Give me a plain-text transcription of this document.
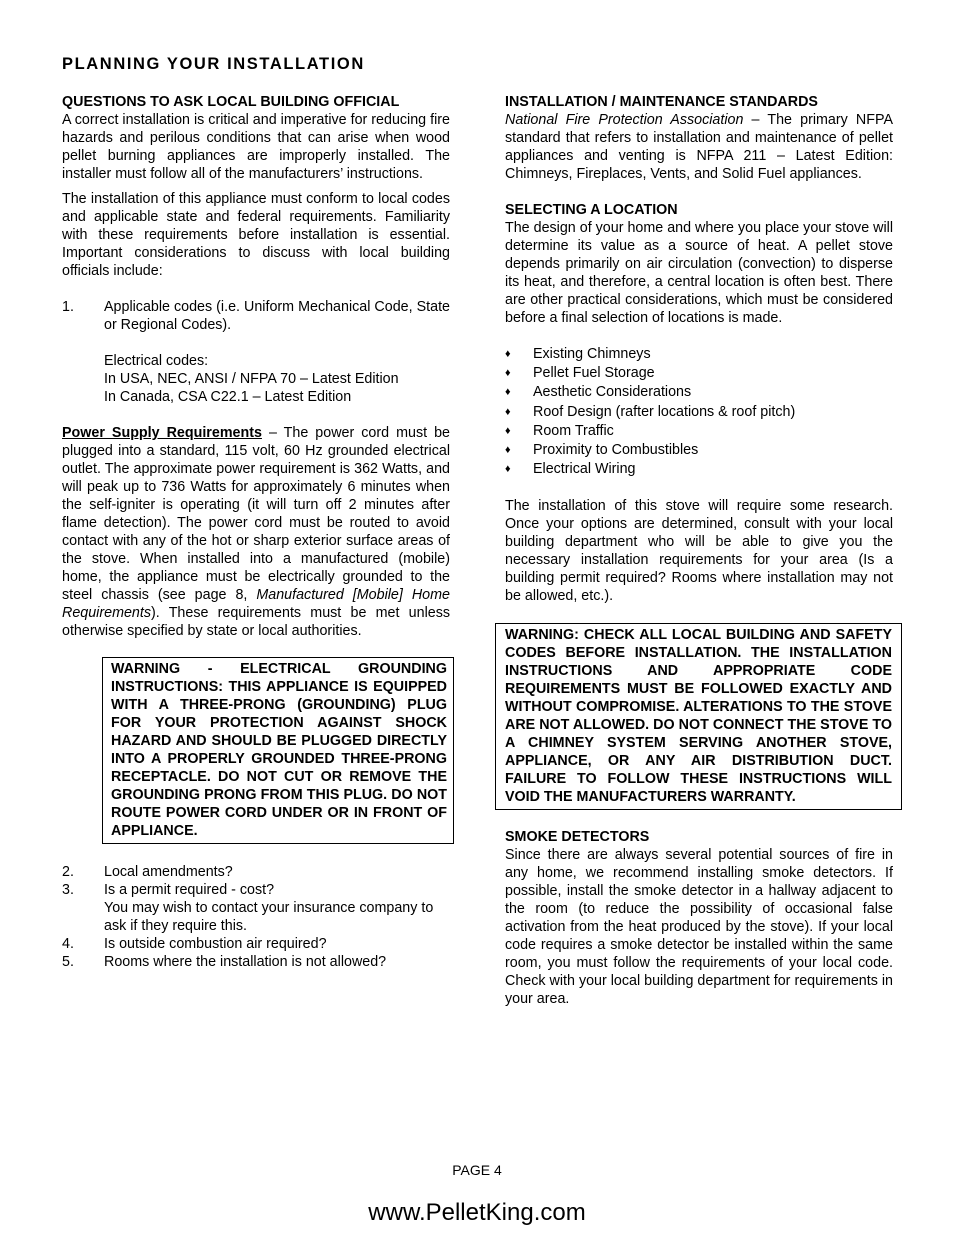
PLANNING YOUR INSTALLATION
QUESTIONS TO ASK LOCAL BUILDING OFFICIAL
A correct installation is critical and imperative for reducing fire hazards and perilous conditions that can arise when wood pellet burning appliances are improperly installed. The installer must follow all of the manufacturers’ instructions.
The installation of this appliance must conform to local codes and applicable state and federal requirements. Familiarity with these requirements before installation is essential. Important considerations to discuss with local building officials include:
1. Applicable codes (i.e. Uniform Mechanical Code, State or Regional Codes).
Electrical codes:
In USA, NEC, ANSI / NFPA 70 – Latest Edition
In Canada, CSA C22.1 – Latest Edition
Power Supply Requirements – The power cord must be plugged into a standard, 115 volt, 60 Hz grounded electrical outlet. The approximate power requirement is 362 Watts, and will peak up to 736 Watts for approximately 6 minutes when the self-igniter is operating (it will turn off 2 minutes after flame detection). The power cord must be routed to avoid contact with any of the hot or sharp exterior surface areas of the stove. When installed into a manufactured (mobile) home, the appliance must be electrically grounded to the steel chassis (see page 8, Manufactured [Mobile] Home Requirements). These requirements must be met unless otherwise specified by state or local authorities.
WARNING - ELECTRICAL GROUNDING INSTRUCTIONS: THIS APPLIANCE IS EQUIPPED WITH A THREE-PRONG (GROUNDING) PLUG FOR YOUR PROTECTION AGAINST SHOCK HAZARD AND SHOULD BE PLUGGED DIRECTLY INTO A PROPERLY GROUNDED THREE-PRONG RECEPTACLE. DO NOT CUT OR REMOVE THE GROUNDING PRONG FROM THIS PLUG. DO NOT ROUTE POWER CORD UNDER OR IN FRONT OF APPLIANCE.
2. Local amendments?
3. Is a permit required - cost?
You may wish to contact your insurance company to ask if they require this.
4. Is outside combustion air required?
5. Rooms where the installation is not allowed?
INSTALLATION / MAINTENANCE STANDARDS
National Fire Protection Association – The primary NFPA standard that refers to installation and maintenance of pellet appliances and venting is NFPA 211 – Latest Edition: Chimneys, Fireplaces, Vents, and Solid Fuel appliances.
SELECTING A LOCATION
The design of your home and where you place your stove will determine its value as a source of heat. A pellet stove depends primarily on air circulation (convection) to disperse its heat, and therefore, a central location is often best. There are other practical considerations, which must be considered before a final selection of locations is made.
♦ Existing Chimneys
♦ Pellet Fuel Storage
♦ Aesthetic Considerations
♦ Roof Design (rafter locations & roof pitch)
♦ Room Traffic
♦ Proximity to Combustibles
♦ Electrical Wiring
The installation of this stove will require some research. Once your options are determined, consult with your local building department who will be able to give you the necessary installation requirements for your area (Is a building permit required? Rooms where installation may not be allowed, etc.).
WARNING: CHECK ALL LOCAL BUILDING AND SAFETY CODES BEFORE INSTALLATION. THE INSTALLATION INSTRUCTIONS AND APPROPRIATE CODE REQUIREMENTS MUST BE FOLLOWED EXACTLY AND WITHOUT COMPROMISE. ALTERATIONS TO THE STOVE ARE NOT ALLOWED. DO NOT CONNECT THE STOVE TO A CHIMNEY SYSTEM SERVING ANOTHER STOVE, APPLIANCE, OR ANY AIR DISTRIBUTION DUCT. FAILURE TO FOLLOW THESE INSTRUCTIONS WILL VOID THE MANUFACTURERS WARRANTY.
SMOKE DETECTORS
Since there are always several potential sources of fire in any home, we recommend installing smoke detectors. If possible, install the smoke detector in a hallway adjacent to the room (to reduce the possibility of occasional false activation from the heat produced by the stove). If your local code requires a smoke detector be installed within the same room, you must follow the requirements of your local code. Check with your local building department for requirements in your area.
PAGE 4
www.PelletKing.com
